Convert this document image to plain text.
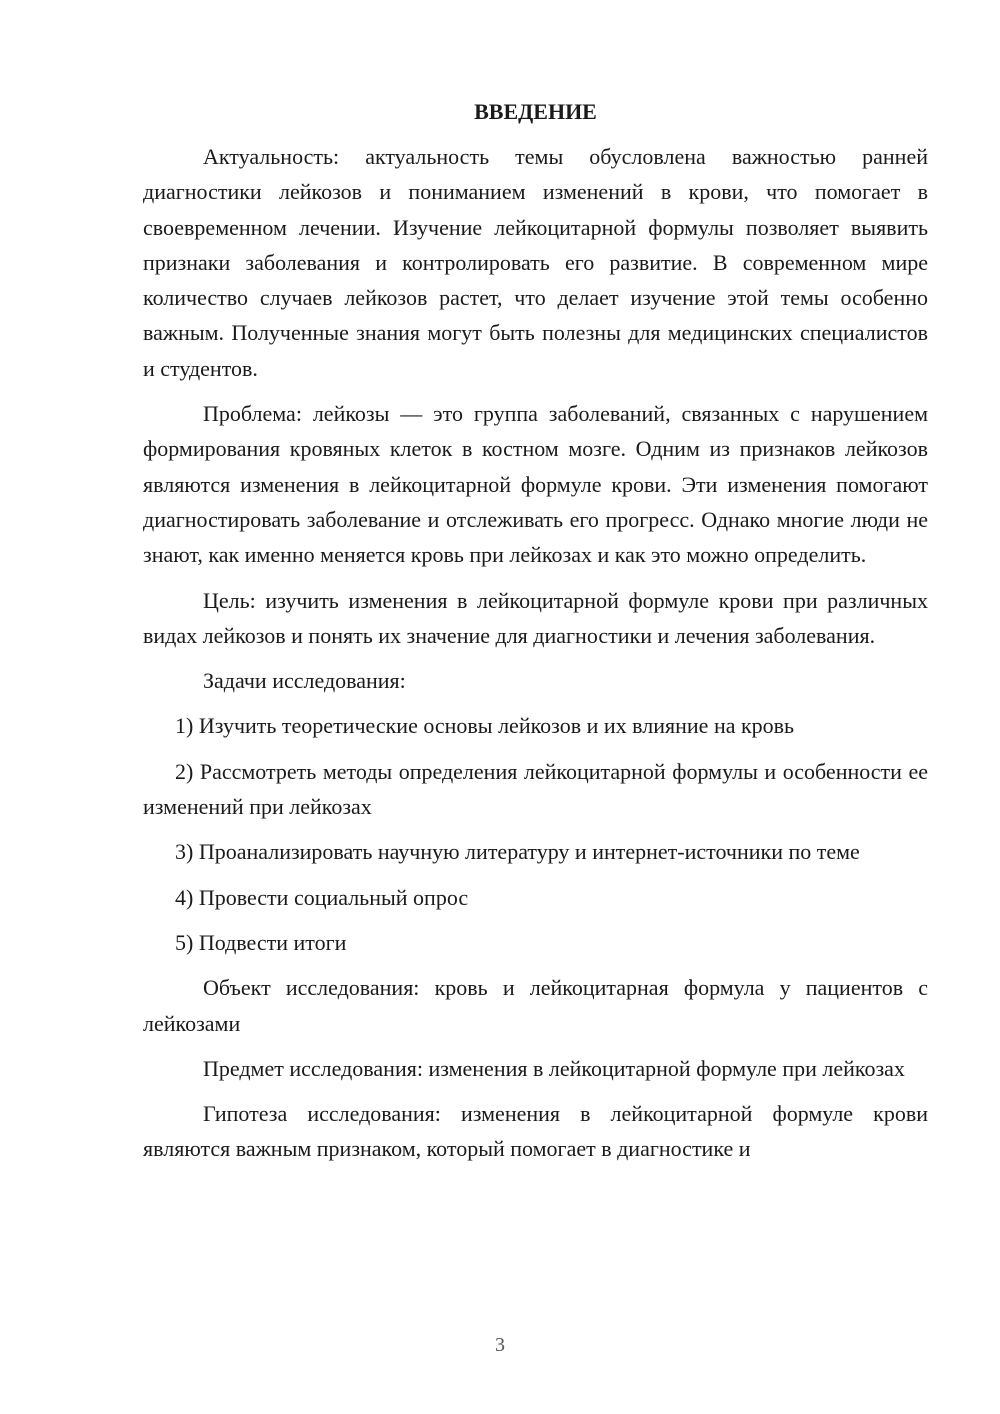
ВВЕДЕНИЕ

Актуальность: актуальность темы обусловлена важностью ранней диагностики лейкозов и пониманием изменений в крови, что помогает в своевременном лечении. Изучение лейкоцитарной формулы позволяет выявить признаки заболевания и контролировать его развитие. В современном мире количество случаев лейкозов растет, что делает изучение этой темы особенно важным. Полученные знания могут быть полезны для медицинских специалистов и студентов.

Проблема: лейкозы — это группа заболеваний, связанных с нарушением формирования кровяных клеток в костном мозге. Одним из признаков лейкозов являются изменения в лейкоцитарной формуле крови. Эти изменения помогают диагностировать заболевание и отслеживать его прогресс. Однако многие люди не знают, как именно меняется кровь при лейкозах и как это можно определить.

Цель: изучить изменения в лейкоцитарной формуле крови при различных видах лейкозов и понять их значение для диагностики и лечения заболевания.

Задачи исследования:

1) Изучить теоретические основы лейкозов и их влияние на кровь

2) Рассмотреть методы определения лейкоцитарной формулы и особенности ее изменений при лейкозах

3) Проанализировать научную литературу и интернет-источники по теме

4) Провести социальный опрос

5) Подвести итоги

Объект исследования: кровь и лейкоцитарная формула у пациентов с лейкозами

Предмет исследования: изменения в лейкоцитарной формуле при лейкозах

Гипотеза исследования: изменения в лейкоцитарной формуле крови являются важным признаком, который помогает в диагностике и

3
